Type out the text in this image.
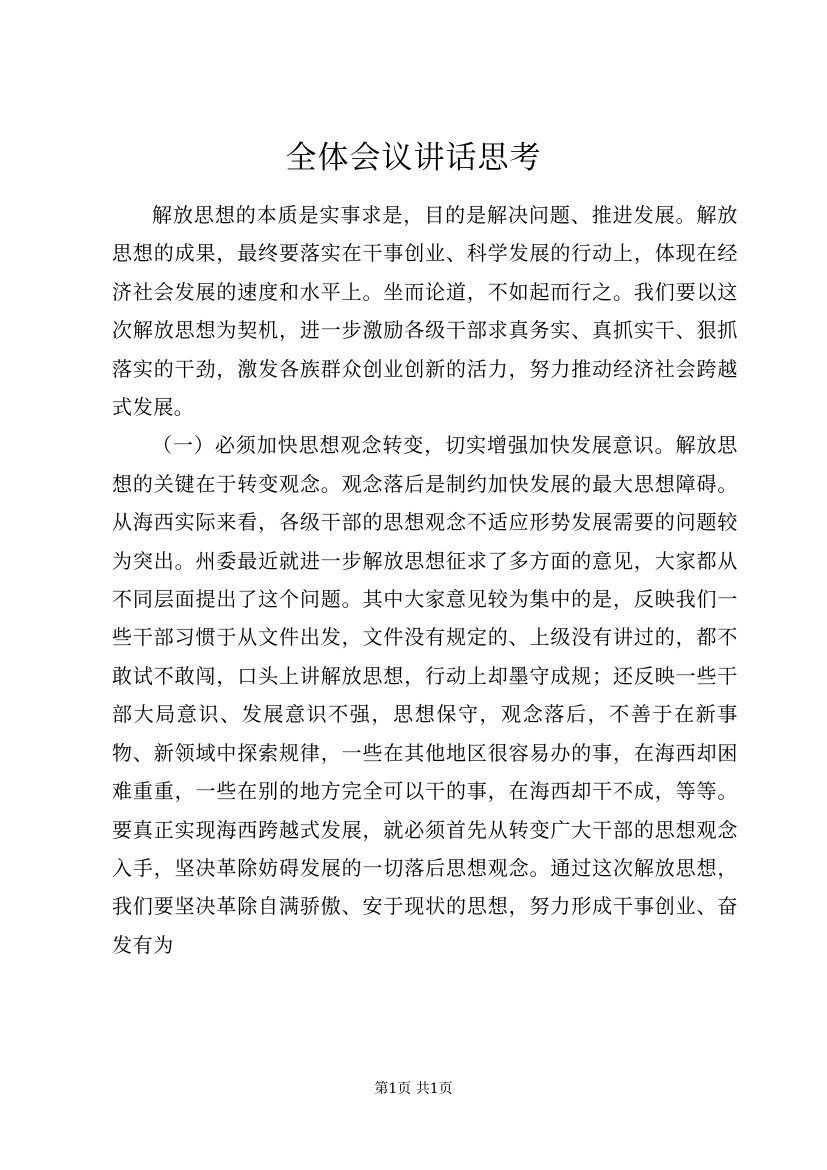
全体会议讲话思考

解放思想的本质是实事求是，目的是解决问题、推进发展。解放思想的成果，最终要落实在干事创业、科学发展的行动上，体现在经济社会发展的速度和水平上。坐而论道，不如起而行之。我们要以这次解放思想为契机，进一步激励各级干部求真务实、真抓实干、狠抓落实的干劲，激发各族群众创业创新的活力，努力推动经济社会跨越式发展。

（一）必须加快思想观念转变，切实增强加快发展意识。解放思想的关键在于转变观念。观念落后是制约加快发展的最大思想障碍。从海西实际来看，各级干部的思想观念不适应形势发展需要的问题较为突出。州委最近就进一步解放思想征求了多方面的意见，大家都从不同层面提出了这个问题。其中大家意见较为集中的是，反映我们一些干部习惯于从文件出发，文件没有规定的、上级没有讲过的，都不敢试不敢闯，口头上讲解放思想，行动上却墨守成规；还反映一些干部大局意识、发展意识不强，思想保守，观念落后，不善于在新事物、新领域中探索规律，一些在其他地区很容易办的事，在海西却困难重重，一些在别的地方完全可以干的事，在海西却干不成，等等。要真正实现海西跨越式发展，就必须首先从转变广大干部的思想观念入手，坚决革除妨碍发展的一切落后思想观念。通过这次解放思想，我们要坚决革除自满骄傲、安于现状的思想，努力形成干事创业、奋发有为

第1页 共1页
